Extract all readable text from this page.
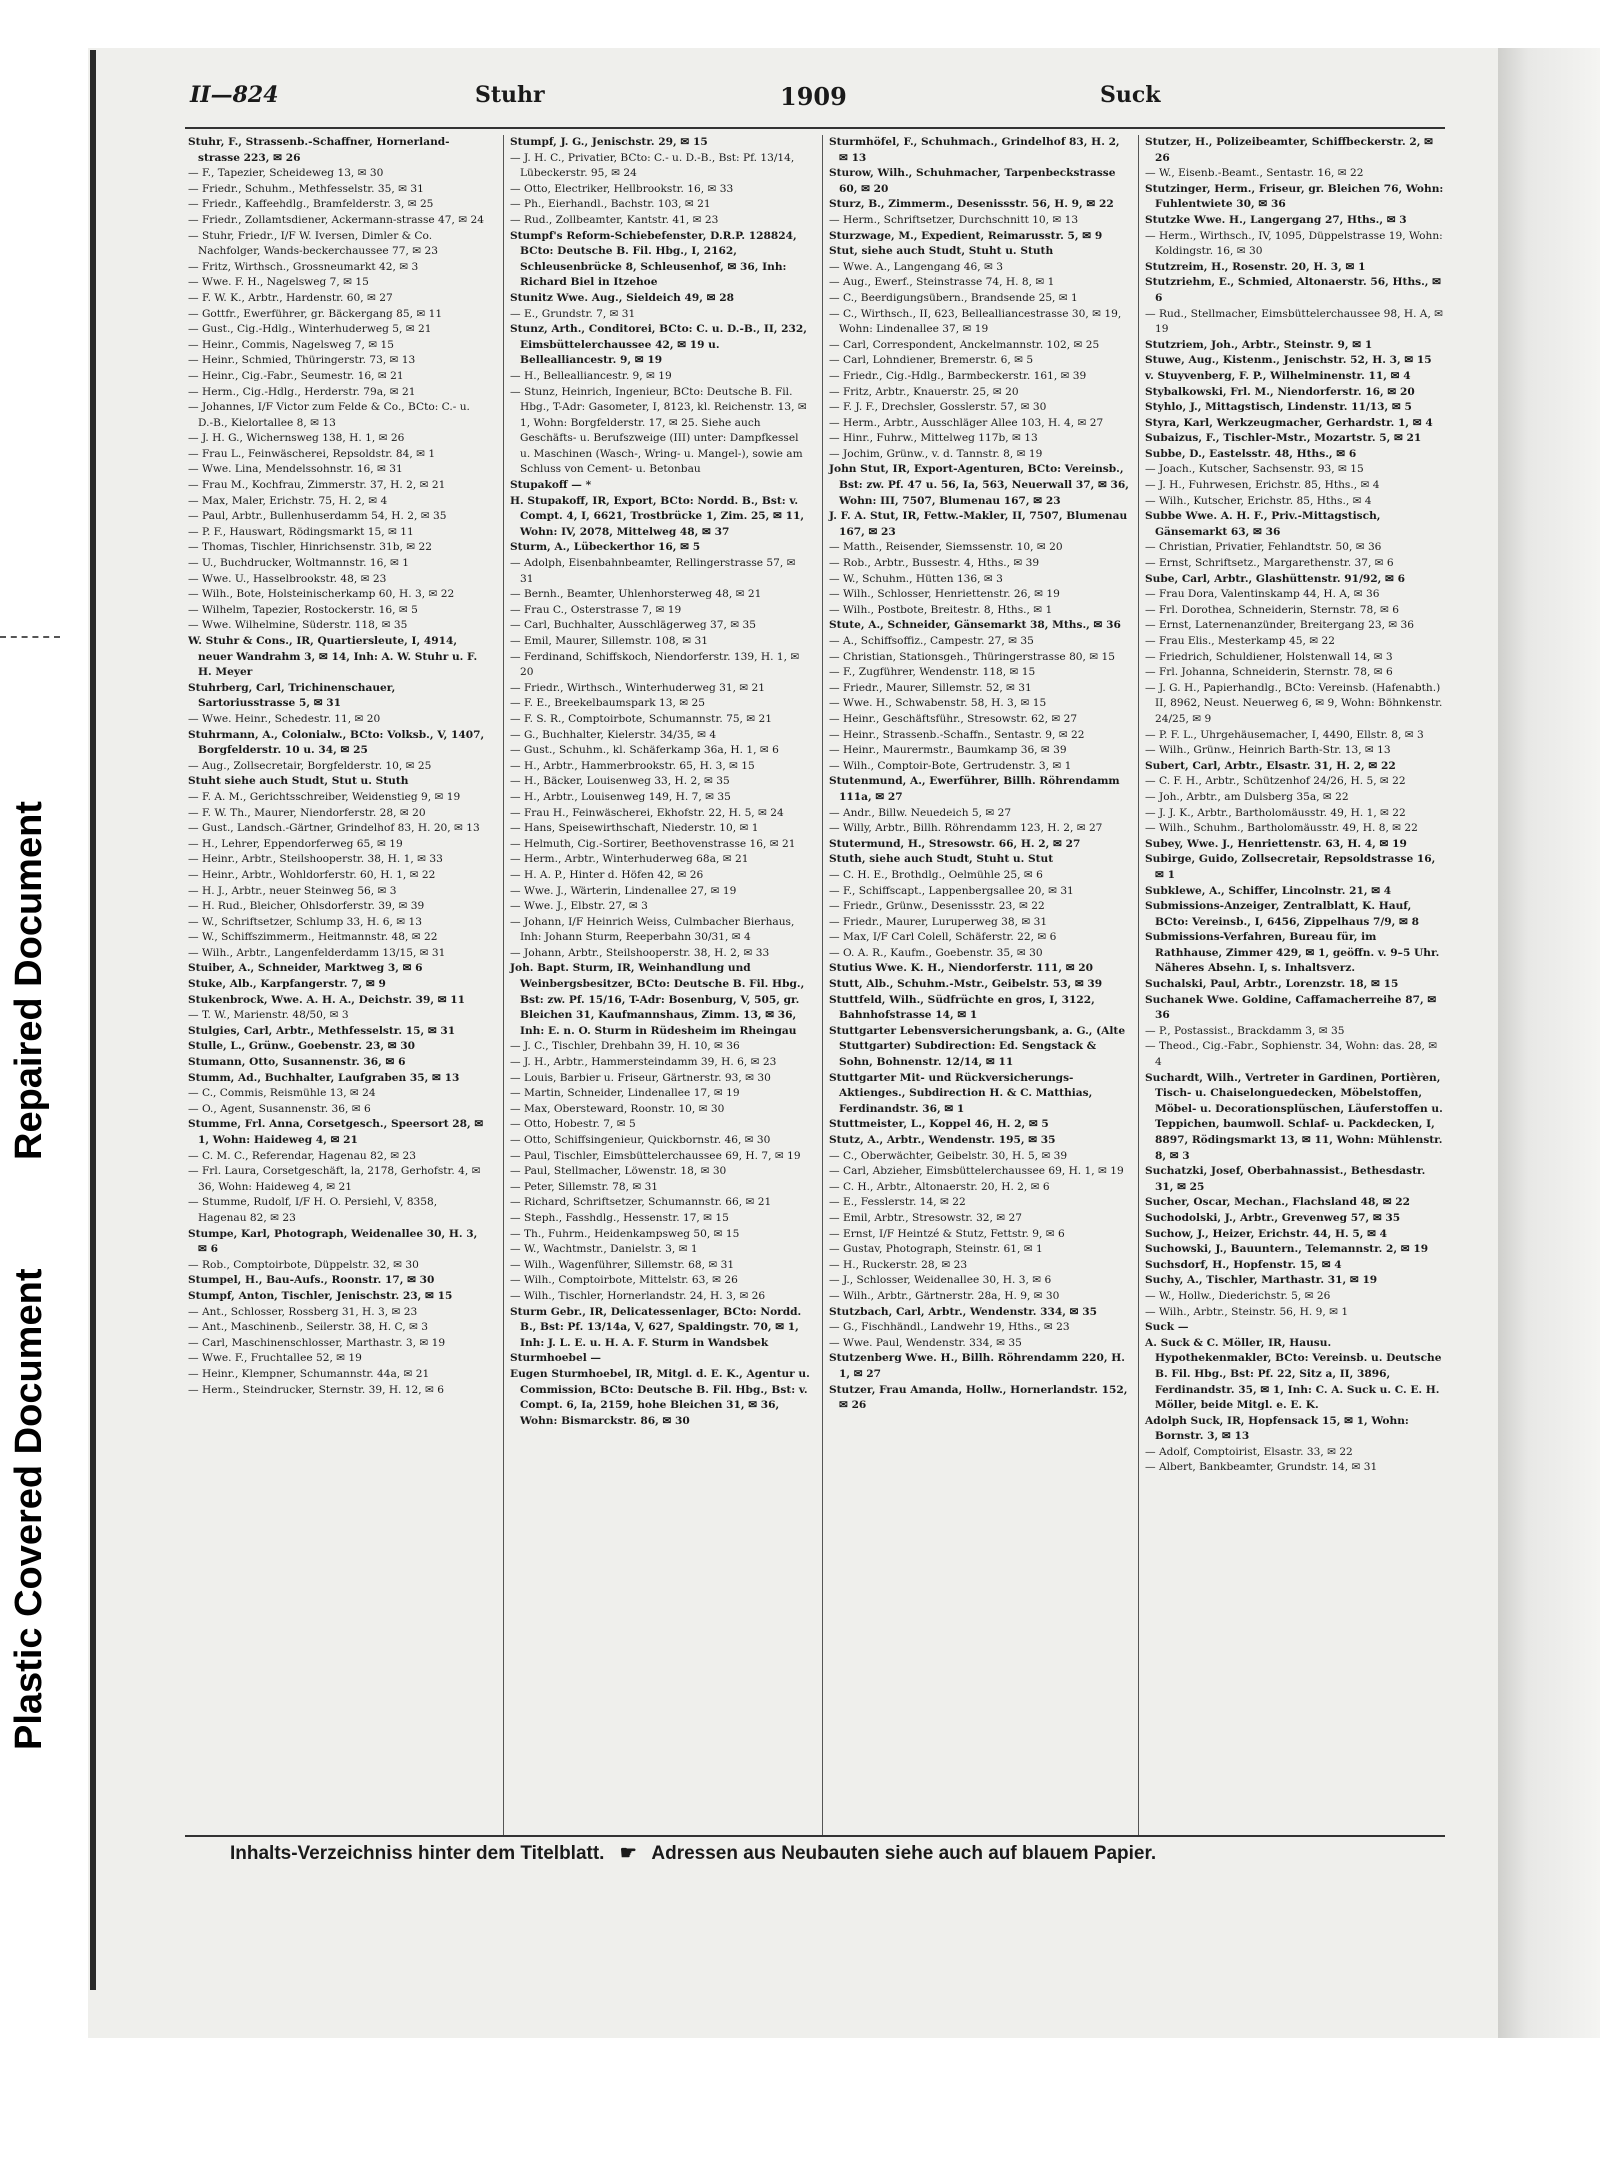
Plastic Covered Document
Repaired Document
II—824	Stuhr	1909	Suck

Stuhr, F., Strassenb.-Schaffner, Hornerland-strasse 223, ✉ 26

— F., Tapezier, Scheideweg 13, ✉ 30

— Friedr., Schuhm., Methfesselstr. 35, ✉ 31

— Friedr., Kaffeehdlg., Bramfelderstr. 3, ✉ 25

— Friedr., Zollamtsdiener, Ackermann-strasse 47, ✉ 24

— Stuhr, Friedr., I/F W. Iversen, Dimler & Co. Nachfolger, Wands-beckerchaussee 77, ✉ 23

— Fritz, Wirthsch., Grossneumarkt 42, ✉ 3

— Wwe. F. H., Nagelsweg 7, ✉ 15

— F. W. K., Arbtr., Hardenstr. 60, ✉ 27

— Gottfr., Ewerführer, gr. Bäckergang 85, ✉ 11

— Gust., Cig.-Hdlg., Winterhuderweg 5, ✉ 21

— Heinr., Commis, Nagelsweg 7, ✉ 15

— Heinr., Schmied, Thüringerstr. 73, ✉ 13

— Heinr., Cig.-Fabr., Seumestr. 16, ✉ 21

— Herm., Cig.-Hdlg., Herderstr. 79a, ✉ 21

— Johannes, I/F Victor zum Felde & Co., BCto: C.- u. D.-B., Kielortallee 8, ✉ 13

— J. H. G., Wichernsweg 138, H. 1, ✉ 26

— Frau L., Feinwäscherei, Repsoldstr. 84, ✉ 1

— Wwe. Lina, Mendelssohnstr. 16, ✉ 31

— Frau M., Kochfrau, Zimmerstr. 37, H. 2, ✉ 21

— Max, Maler, Erichstr. 75, H. 2, ✉ 4

— Paul, Arbtr., Bullenhuserdamm 54, H. 2, ✉ 35

— P. F., Hauswart, Rödingsmarkt 15, ✉ 11

— Thomas, Tischler, Hinrichsenstr. 31b, ✉ 22

— U., Buchdrucker, Woltmannstr. 16, ✉ 1

— Wwe. U., Hasselbrookstr. 48, ✉ 23

— Wilh., Bote, Holsteinischerkamp 60, H. 3, ✉ 22

— Wilhelm, Tapezier, Rostockerstr. 16, ✉ 5

— Wwe. Wilhelmine, Süderstr. 118, ✉ 35

W. Stuhr & Cons., IR, Quartiersleute, I, 4914, neuer Wandrahm 3, ✉ 14, Inh: A. W. Stuhr u. F. H. Meyer

Stuhrberg, Carl, Trichinenschauer, Sartoriusstrasse 5, ✉ 31

— Wwe. Heinr., Schedestr. 11, ✉ 20

Stuhrmann, A., Colonialw., BCto: Volksb., V, 1407, Borgfelderstr. 10 u. 34, ✉ 25

— Aug., Zollsecretair, Borgfelderstr. 10, ✉ 25

Stuht siehe auch Studt, Stut u. Stuth

— F. A. M., Gerichtsschreiber, Weidenstieg 9, ✉ 19

— F. W. Th., Maurer, Niendorferstr. 28, ✉ 20

— Gust., Landsch.-Gärtner, Grindelhof 83, H. 20, ✉ 13

— H., Lehrer, Eppendorferweg 65, ✉ 19

— Heinr., Arbtr., Steilshooperstr. 38, H. 1, ✉ 33

— Heinr., Arbtr., Wohldorferstr. 60, H. 1, ✉ 22

— H. J., Arbtr., neuer Steinweg 56, ✉ 3

— H. Rud., Bleicher, Ohlsdorferstr. 39, ✉ 39

— W., Schriftsetzer, Schlump 33, H. 6, ✉ 13

— W., Schiffszimmerm., Heitmannstr. 48, ✉ 22

— Wilh., Arbtr., Langenfelderdamm 13/15, ✉ 31

Stuiber, A., Schneider, Marktweg 3, ✉ 6

Stuke, Alb., Karpfangerstr. 7, ✉ 9

Stukenbrock, Wwe. A. H. A., Deichstr. 39, ✉ 11

— T. W., Marienstr. 48/50, ✉ 3

Stulgies, Carl, Arbtr., Methfesselstr. 15, ✉ 31

Stulle, L., Grünw., Goebenstr. 23, ✉ 30

Stumann, Otto, Susannenstr. 36, ✉ 6

Stumm, Ad., Buchhalter, Laufgraben 35, ✉ 13

— C., Commis, Reismühle 13, ✉ 24

— O., Agent, Susannenstr. 36, ✉ 6

Stumme, Frl. Anna, Corsetgesch., Speersort 28, ✉ 1, Wohn: Haideweg 4, ✉ 21

— C. M. C., Referendar, Hagenau 82, ✉ 23

— Frl. Laura, Corsetgeschäft, la, 2178, Gerhofstr. 4, ✉ 36, Wohn: Haideweg 4, ✉ 21

— Stumme, Rudolf, I/F H. O. Persiehl, V, 8358, Hagenau 82, ✉ 23

Stumpe, Karl, Photograph, Weidenallee 30, H. 3, ✉ 6

— Rob., Comptoirbote, Düppelstr. 32, ✉ 30

Stumpel, H., Bau-Aufs., Roonstr. 17, ✉ 30

Stumpf, Anton, Tischler, Jenischstr. 23, ✉ 15

— Ant., Schlosser, Rossberg 31, H. 3, ✉ 23

— Ant., Maschinenb., Seilerstr. 38, H. C, ✉ 3

— Carl, Maschinenschlosser, Marthastr. 3, ✉ 19

— Wwe. F., Fruchtallee 52, ✉ 19

— Heinr., Klempner, Schumannstr. 44a, ✉ 21

— Herm., Steindrucker, Sternstr. 39, H. 12, ✉ 6

Stumpf, J. G., Jenischstr. 29, ✉ 15

— J. H. C., Privatier, BCto: C.- u. D.-B., Bst: Pf. 13/14, Lübeckerstr. 95, ✉ 24

— Otto, Electriker, Hellbrookstr. 16, ✉ 33

— Ph., Eierhandl., Bachstr. 103, ✉ 21

— Rud., Zollbeamter, Kantstr. 41, ✉ 23

Stumpf's Reform-Schiebefenster, D.R.P. 128824, BCto: Deutsche B. Fil. Hbg., I, 2162, Schleusenbrücke 8, Schleusenhof, ✉ 36, Inh: Richard Biel in Itzehoe

Stunitz Wwe. Aug., Sieldeich 49, ✉ 28

— E., Grundstr. 7, ✉ 31

Stunz, Arth., Conditorei, BCto: C. u. D.-B., II, 232, Eimsbüttelerchaussee 42, ✉ 19 u. Belleallianсestr. 9, ✉ 19

— H., Belleallianсestr. 9, ✉ 19

— Stunz, Heinrich, Ingenieur, BCto: Deutsche B. Fil. Hbg., T-Adr: Gasometer, I, 8123, kl. Reichenstr. 13, ✉ 1, Wohn: Borgfelderstr. 17, ✉ 25. Siehe auch Geschäfts- u. Berufszweige (III) unter: Dampfkessel u. Maschinen (Wasch-, Wring- u. Mangel-), sowie am Schluss von Cement- u. Betonbau

Stupakoff — *

H. Stupakoff, IR, Export, BCto: Nordd. B., Bst: v. Compt. 4, I, 6621, Trostbrücke 1, Zim. 25, ✉ 11, Wohn: IV, 2078, Mittelweg 48, ✉ 37

Sturm, A., Lübeckerthor 16, ✉ 5

— Adolph, Eisenbahnbeamter, Rellingerstrasse 57, ✉ 31

— Bernh., Beamter, Uhlenhorsterweg 48, ✉ 21

— Frau C., Osterstrasse 7, ✉ 19

— Carl, Buchhalter, Ausschlägerweg 37, ✉ 35

— Emil, Maurer, Sillemstr. 108, ✉ 31

— Ferdinand, Schiffskoch, Niendorferstr. 139, H. 1, ✉ 20

— Friedr., Wirthsch., Winterhuderweg 31, ✉ 21

— F. E., Breekelbaumspark 13, ✉ 25

— F. S. R., Comptoirbote, Schumannstr. 75, ✉ 21

— G., Buchhalter, Kielerstr. 34/35, ✉ 4

— Gust., Schuhm., kl. Schäferkamp 36a, H. 1, ✉ 6

— H., Arbtr., Hammerbrookstr. 65, H. 3, ✉ 15

— H., Bäcker, Louisenweg 33, H. 2, ✉ 35

— H., Arbtr., Louisenweg 149, H. 7, ✉ 35

— Frau H., Feinwäscherei, Ekhofstr. 22, H. 5, ✉ 24

— Hans, Speisewirthschaft, Niederstr. 10, ✉ 1

— Helmuth, Cig.-Sortirer, Beethovenstrasse 16, ✉ 21

— Herm., Arbtr., Winterhuderweg 68a, ✉ 21

— H. A. P., Hinter d. Höfen 42, ✉ 26

— Wwe. J., Wärterin, Lindenallee 27, ✉ 19

— Wwe. J., Elbstr. 27, ✉ 3

— Johann, I/F Heinrich Weiss, Culmbacher Bierhaus, Inh: Johann Sturm, Reeperbahn 30/31, ✉ 4

— Johann, Arbtr., Steilshooperstr. 38, H. 2, ✉ 33

Joh. Bapt. Sturm, IR, Weinhandlung und Weinbergsbesitzer, BCto: Deutsche B. Fil. Hbg., Bst: zw. Pf. 15/16, T-Adr: Bosenburg, V, 505, gr. Bleichen 31, Kaufmannshaus, Zimm. 13, ✉ 36, Inh: E. n. O. Sturm in Rüdesheim im Rheingau

— J. C., Tischler, Drehbahn 39, H. 10, ✉ 36

— J. H., Arbtr., Hammersteindamm 39, H. 6, ✉ 23

— Louis, Barbier u. Friseur, Gärtnerstr. 93, ✉ 30

— Martin, Schneider, Lindenallee 17, ✉ 19

— Max, Obersteward, Roonstr. 10, ✉ 30

— Otto, Hobestr. 7, ✉ 5

— Otto, Schiffsingenieur, Quickbornstr. 46, ✉ 30

— Paul, Tischler, Eimsbüttelerchaussee 69, H. 7, ✉ 19

— Paul, Stellmacher, Löwenstr. 18, ✉ 30

— Peter, Sillemstr. 78, ✉ 31

— Richard, Schriftsetzer, Schumannstr. 66, ✉ 21

— Steph., Fasshdlg., Hessenstr. 17, ✉ 15

— Th., Fuhrm., Heidenkampsweg 50, ✉ 15

— W., Wachtmstr., Danielstr. 3, ✉ 1

— Wilh., Wagenführer, Sillemstr. 68, ✉ 31

— Wilh., Comptoirbote, Mittelstr. 63, ✉ 26

— Wilh., Tischler, Hornerlandstr. 24, H. 3, ✉ 26

Sturm Gebr., IR, Delicatessenlager, BCto: Nordd. B., Bst: Pf. 13/14a, V, 627, Spaldingstr. 70, ✉ 1, Inh: J. L. E. u. H. A. F. Sturm in Wandsbek

Sturmhoebel —

Eugen Sturmhoebel, IR, Mitgl. d. E. K., Agentur u. Commission, BCto: Deutsche B. Fil. Hbg., Bst: v. Compt. 6, Ia, 2159, hohe Bleichen 31, ✉ 36, Wohn: Bismarckstr. 86, ✉ 30

Sturmhöfel, F., Schuhmach., Grindelhof 83, H. 2, ✉ 13

Sturow, Wilh., Schuhmacher, Tarpenbeckstrasse 60, ✉ 20

Sturz, B., Zimmerm., Desenissstr. 56, H. 9, ✉ 22

— Herm., Schriftsetzer, Durchschnitt 10, ✉ 13

Sturzwage, M., Expedient, Reimarusstr. 5, ✉ 9

Stut, siehe auch Studt, Stuht u. Stuth

— Wwe. A., Langengang 46, ✉ 3

— Aug., Ewerf., Steinstrasse 74, H. 8, ✉ 1

— C., Beerdigungsübern., Brandsende 25, ✉ 1

— C., Wirthsch., II, 623, Belleallianсestrasse 30, ✉ 19, Wohn: Lindenallee 37, ✉ 19

— Carl, Correspondent, Anckelmannstr. 102, ✉ 25

— Carl, Lohndiener, Bremerstr. 6, ✉ 5

— Friedr., Cig.-Hdlg., Barmbeckerstr. 161, ✉ 39

— Fritz, Arbtr., Knauerstr. 25, ✉ 20

— F. J. F., Drechsler, Gosslerstr. 57, ✉ 30

— Herm., Arbtr., Ausschläger Allee 103, H. 4, ✉ 27

— Hinr., Fuhrw., Mittelweg 117b, ✉ 13

— Jochim, Grünw., v. d. Tannstr. 8, ✉ 19

John Stut, IR, Export-Agenturen, BCto: Vereinsb., Bst: zw. Pf. 47 u. 56, Ia, 563, Neuerwall 37, ✉ 36, Wohn: III, 7507, Blumenau 167, ✉ 23

J. F. A. Stut, IR, Fettw.-Makler, II, 7507, Blumenau 167, ✉ 23

— Matth., Reisender, Siemssenstr. 10, ✉ 20

— Rob., Arbtr., Bussestr. 4, Hths., ✉ 39

— W., Schuhm., Hütten 136, ✉ 3

— Wilh., Schlosser, Henriettenstr. 26, ✉ 19

— Wilh., Postbote, Breitestr. 8, Hths., ✉ 1

Stute, A., Schneider, Gänsemarkt 38, Mths., ✉ 36

— A., Schiffsoffiz., Campestr. 27, ✉ 35

— Christian, Stationsgeh., Thüringerstrasse 80, ✉ 15

— F., Zugführer, Wendenstr. 118, ✉ 15

— Friedr., Maurer, Sillemstr. 52, ✉ 31

— Wwe. H., Schwabenstr. 58, H. 3, ✉ 15

— Heinr., Geschäftsführ., Stresowstr. 62, ✉ 27

— Heinr., Strassenb.-Schaffn., Sentastr. 9, ✉ 22

— Heinr., Maurermstr., Baumkamp 36, ✉ 39

— Wilh., Comptoir-Bote, Gertrudenstr. 3, ✉ 1

Stutenmund, A., Ewerführer, Billh. Röhrendamm 111a, ✉ 27

— Andr., Billw. Neuedeich 5, ✉ 27

— Willy, Arbtr., Billh. Röhrendamm 123, H. 2, ✉ 27

Stutermund, H., Stresowstr. 66, H. 2, ✉ 27

Stuth, siehe auch Studt, Stuht u. Stut

— C. H. E., Brothdlg., Oelmühle 25, ✉ 6

— F., Schiffscapt., Lappenbergsallee 20, ✉ 31

— Friedr., Grünw., Desenissstr. 23, ✉ 22

— Friedr., Maurer, Luruperweg 38, ✉ 31

— Max, I/F Carl Colell, Schäferstr. 22, ✉ 6

— O. A. R., Kaufm., Goebenstr. 35, ✉ 30

Stutius Wwe. K. H., Niendorferstr. 111, ✉ 20

Stutt, Alb., Schuhm.-Mstr., Geibelstr. 53, ✉ 39

Stuttfeld, Wilh., Südfrüchte en gros, I, 3122, Bahnhofstrasse 14, ✉ 1

Stuttgarter Lebensversicherungsbank, a. G., (Alte Stuttgarter) Subdirection: Ed. Sengstack & Sohn, Bohnenstr. 12/14, ✉ 11

Stuttgarter Mit- und Rückversicherungs-Aktienges., Subdirection H. & C. Matthias, Ferdinandstr. 36, ✉ 1

Stuttmeister, L., Koppel 46, H. 2, ✉ 5

Stutz, A., Arbtr., Wendenstr. 195, ✉ 35

— C., Oberwächter, Geibelstr. 30, H. 5, ✉ 39

— Carl, Abzieher, Eimsbüttelerchaussee 69, H. 1, ✉ 19

— C. H., Arbtr., Altonaerstr. 20, H. 2, ✉ 6

— E., Fesslerstr. 14, ✉ 22

— Emil, Arbtr., Stresowstr. 32, ✉ 27

— Ernst, I/F Heintzé & Stutz, Fettstr. 9, ✉ 6

— Gustav, Photograph, Steinstr. 61, ✉ 1

— H., Ruckerstr. 28, ✉ 23

— J., Schlosser, Weidenallee 30, H. 3, ✉ 6

— Wilh., Arbtr., Gärtnerstr. 28a, H. 9, ✉ 30

Stutzbach, Carl, Arbtr., Wendenstr. 334, ✉ 35

— G., Fischhändl., Landwehr 19, Hths., ✉ 23

— Wwe. Paul, Wendenstr. 334, ✉ 35

Stutzenberg Wwe. H., Billh. Röhrendamm 220, H. 1, ✉ 27

Stutzer, Frau Amanda, Hollw., Hornerlandstr. 152, ✉ 26

Stutzer, H., Polizeibeamter, Schiffbeckerstr. 2, ✉ 26

— W., Eisenb.-Beamt., Sentastr. 16, ✉ 22

Stutzinger, Herm., Friseur, gr. Bleichen 76, Wohn: Fuhlentwiete 30, ✉ 36

Stutzke Wwe. H., Langergang 27, Hths., ✉ 3

— Herm., Wirthsch., IV, 1095, Düppelstrasse 19, Wohn: Koldingstr. 16, ✉ 30

Stutzreim, H., Rosenstr. 20, H. 3, ✉ 1

Stutzriehm, E., Schmied, Altonaerstr. 56, Hths., ✉ 6

— Rud., Stellmacher, Eimsbüttelerchaussee 98, H. A, ✉ 19

Stutzriem, Joh., Arbtr., Steinstr. 9, ✉ 1

Stuwe, Aug., Kistenm., Jenischstr. 52, H. 3, ✉ 15

v. Stuyvenberg, F. P., Wilhelminenstr. 11, ✉ 4

Stybalkowski, Frl. M., Niendorferstr. 16, ✉ 20

Styhlo, J., Mittagstisch, Lindenstr. 11/13, ✉ 5

Styra, Karl, Werkzeugmacher, Gerhardstr. 1, ✉ 4

Subaizus, F., Tischler-Mstr., Mozartstr. 5, ✉ 21

Subbe, D., Eastelsstr. 48, Hths., ✉ 6

— Joach., Kutscher, Sachsenstr. 93, ✉ 15

— J. H., Fuhrwesen, Erichstr. 85, Hths., ✉ 4

— Wilh., Kutscher, Erichstr. 85, Hths., ✉ 4

Subbe Wwe. A. H. F., Priv.-Mittagstisch, Gänsemarkt 63, ✉ 36

— Christian, Privatier, Fehlandtstr. 50, ✉ 36

— Ernst, Schriftsetz., Margarethenstr. 37, ✉ 6

Sube, Carl, Arbtr., Glashüttenstr. 91/92, ✉ 6

— Frau Dora, Valentinskamp 44, H. A, ✉ 36

— Frl. Dorothea, Schneiderin, Sternstr. 78, ✉ 6

— Ernst, Laternenanzünder, Breitergang 23, ✉ 36

— Frau Elis., Mesterkamp 45, ✉ 22

— Friedrich, Schuldiener, Holstenwall 14, ✉ 3

— Frl. Johanna, Schneiderin, Sternstr. 78, ✉ 6

— J. G. H., Papierhandlg., BCto: Vereinsb. (Hafenabth.) II, 8962, Neust. Neuerweg 6, ✉ 9, Wohn: Böhnkenstr. 24/25, ✉ 9

— P. F. L., Uhrgehäusemacher, I, 4490, Ellstr. 8, ✉ 3

— Wilh., Grünw., Heinrich Barth-Str. 13, ✉ 13

Subert, Carl, Arbtr., Elsastr. 31, H. 2, ✉ 22

— C. F. H., Arbtr., Schützenhof 24/26, H. 5, ✉ 22

— Joh., Arbtr., am Dulsberg 35a, ✉ 22

— J. J. K., Arbtr., Bartholomäusstr. 49, H. 1, ✉ 22

— Wilh., Schuhm., Bartholomäusstr. 49, H. 8, ✉ 22

Subey, Wwe. J., Henriettenstr. 63, H. 4, ✉ 19

Subirge, Guido, Zollsecretair, Repsoldstrasse 16, ✉ 1

Subklewe, A., Schiffer, Lincolnstr. 21, ✉ 4

Submissions-Anzeiger, Zentralblatt, K. Hauf, BCto: Vereinsb., I, 6456, Zippelhaus 7/9, ✉ 8

Submissions-Verfahren, Bureau für, im Rathhause, Zimmer 429, ✉ 1, geöffn. v. 9–5 Uhr. Näheres Absehn. I, s. Inhaltsverz.

Suchalski, Paul, Arbtr., Lorenzstr. 18, ✉ 15

Suchanek Wwe. Goldine, Caffamacherreihe 87, ✉ 36

— P., Postassist., Brackdamm 3, ✉ 35

— Theod., Cig.-Fabr., Sophienstr. 34, Wohn: das. 28, ✉ 4

Suchardt, Wilh., Vertreter in Gardinen, Portièren, Tisch- u. Chaiselonguedecken, Möbelstoffen, Möbel- u. Decorationsplüschen, Läuferstoffen u. Teppichen, baumwoll. Schlaf- u. Packdecken, I, 8897, Rödingsmarkt 13, ✉ 11, Wohn: Mühlenstr. 8, ✉ 3

Suchatzki, Josef, Oberbahnassist., Bethesdastr. 31, ✉ 25

Sucher, Oscar, Mechan., Flachsland 48, ✉ 22

Suchodolski, J., Arbtr., Grevenweg 57, ✉ 35

Suchow, J., Heizer, Erichstr. 44, H. 5, ✉ 4

Suchowski, J., Bauuntern., Telemannstr. 2, ✉ 19

Suchsdorf, H., Hopfenstr. 15, ✉ 4

Suchy, A., Tischler, Marthastr. 31, ✉ 19

— W., Hollw., Diederichstr. 5, ✉ 26

— Wilh., Arbtr., Steinstr. 56, H. 9, ✉ 1

Suck —

A. Suck & C. Möller, IR, Hausu. Hypothekenmakler, BCto: Vereinsb. u. Deutsche B. Fil. Hbg., Bst: Pf. 22, Sitz a, II, 3896, Ferdinandstr. 35, ✉ 1, Inh: C. A. Suck u. C. E. H. Möller, beide Mitgl. e. E. K.

Adolph Suck, IR, Hopfensack 15, ✉ 1, Wohn: Bornstr. 3, ✉ 13

— Adolf, Comptoirist, Elsastr. 33, ✉ 22

— Albert, Bankbeamter, Grundstr. 14, ✉ 31

Inhalts-Verzeichniss hinter dem Titelblatt. ☛ Adressen aus Neubauten siehe auch auf blauem Papier.
